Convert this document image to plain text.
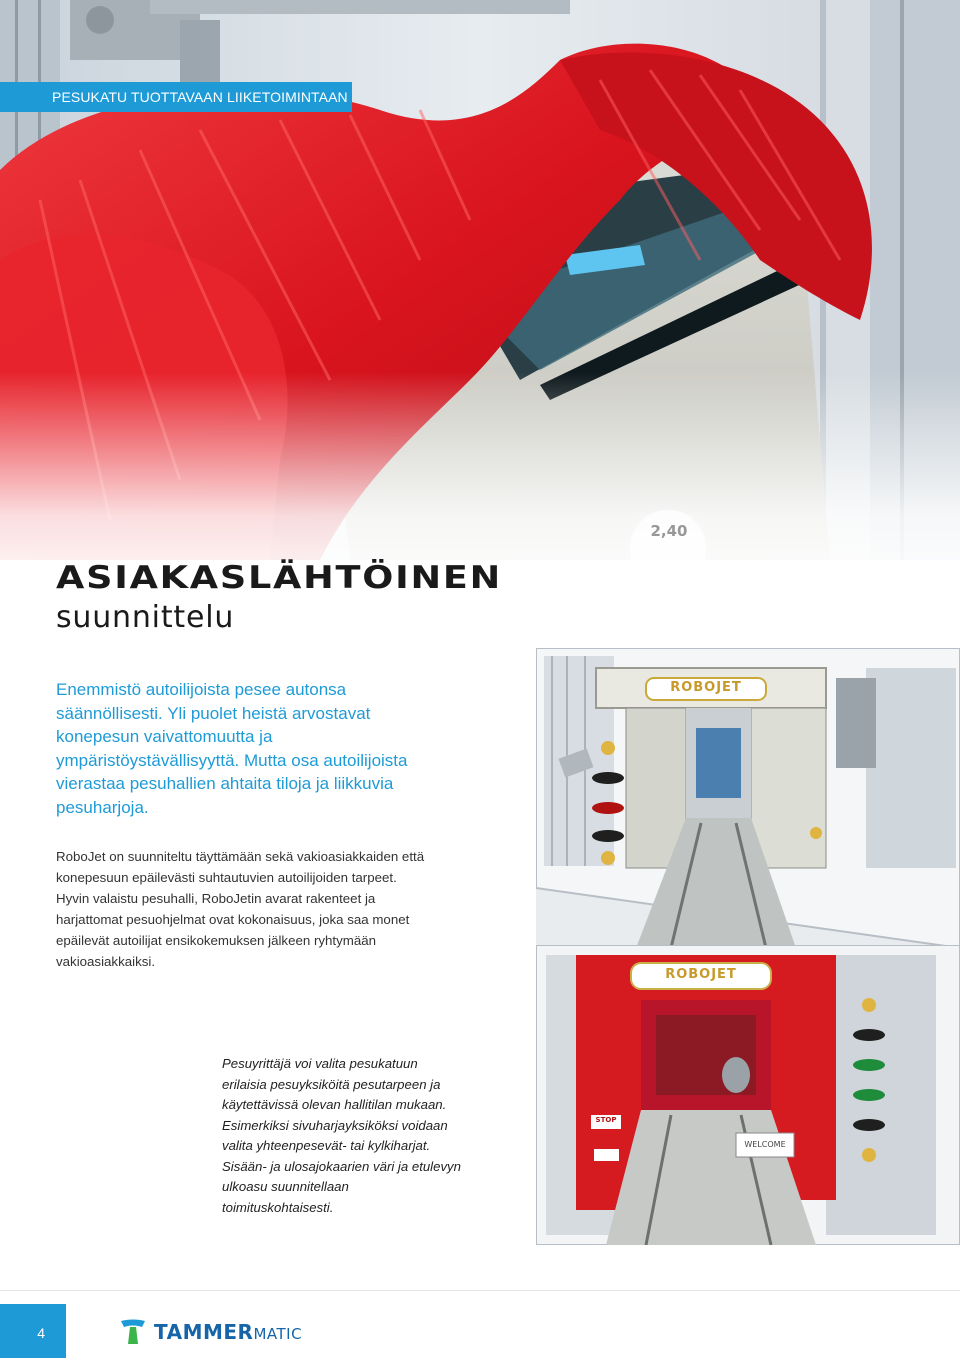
2,40
PESUKATU TUOTTAVAAN LIIKETOIMINTAAN
ASIAKASLÄHTÖINEN
suunnittelu

Enemmistö autoilijoista pesee autonsa säännöllisesti. Yli puolet heistä arvostavat konepesun vaivattomuutta ja ympäristöystävällisyyttä. Mutta osa autoilijoista vierastaa pesuhallien ahtaita tiloja ja liikkuvia pesuharjoja.

RoboJet on suunniteltu täyttämään sekä vakioasiakkaiden että konepesuun epäilevästi suhtautuvien autoilijoiden tarpeet. Hyvin valaistu pesuhalli, RoboJetin avarat rakenteet ja harjattomat pesuohjelmat ovat kokonaisuus, joka saa monet epäilevät autoilijat ensikokemuksen jälkeen ryhtymään vakioasiakkaiksi.

ROBOJET
ROBOJET
WELCOME
STOP

Pesuyrittäjä voi valita pesukatuun erilaisia pesuyksiköitä pesutarpeen ja käytettävissä olevan hallitilan mukaan. Esimerkiksi sivuharjayksiköksi voidaan valita yhteenpesevät- tai kylkiharjat. Sisään- ja ulosajokaarien väri ja etulevyn ulkoasu suunnitellaan toimituskohtaisesti.

4	TAMMERMATIC
